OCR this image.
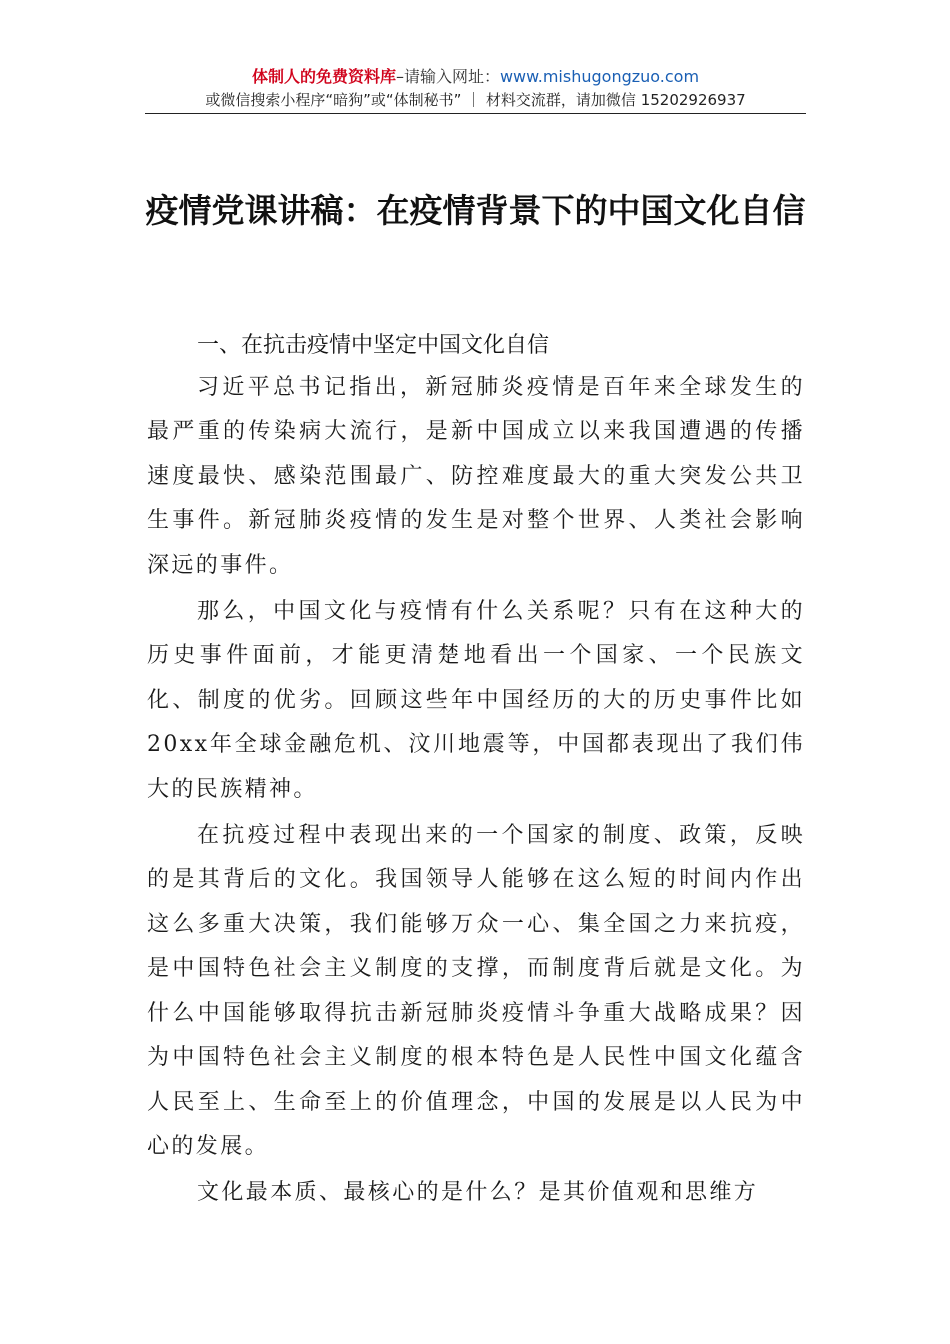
体制人的免费资料库–请输入网址：www.mishugongzuo.com
或微信搜索小程序“暗狗”或“体制秘书” ｜ 材料交流群，请加微信 15202926937
疫情党课讲稿：在疫情背景下的中国文化自信

一、在抗击疫情中坚定中国文化自信

习近平总书记指出，新冠肺炎疫情是百年来全球发生的最严重的传染病大流行，是新中国成立以来我国遭遇的传播速度最快、感染范围最广、防控难度最大的重大突发公共卫生事件。新冠肺炎疫情的发生是对整个世界、人类社会影响深远的事件。

那么，中国文化与疫情有什么关系呢？只有在这种大的历史事件面前，才能更清楚地看出一个国家、一个民族文化、制度的优劣。回顾这些年中国经历的大的历史事件比如20xx年全球金融危机、汶川地震等，中国都表现出了我们伟大的民族精神。

在抗疫过程中表现出来的一个国家的制度、政策，反映的是其背后的文化。我国领导人能够在这么短的时间内作出这么多重大决策，我们能够万众一心、集全国之力来抗疫，是中国特色社会主义制度的支撑，而制度背后就是文化。为什么中国能够取得抗击新冠肺炎疫情斗争重大战略成果？因为中国特色社会主义制度的根本特色是人民性中国文化蕴含人民至上、生命至上的价值理念，中国的发展是以人民为中心的发展。

文化最本质、最核心的是什么？是其价值观和思维方
